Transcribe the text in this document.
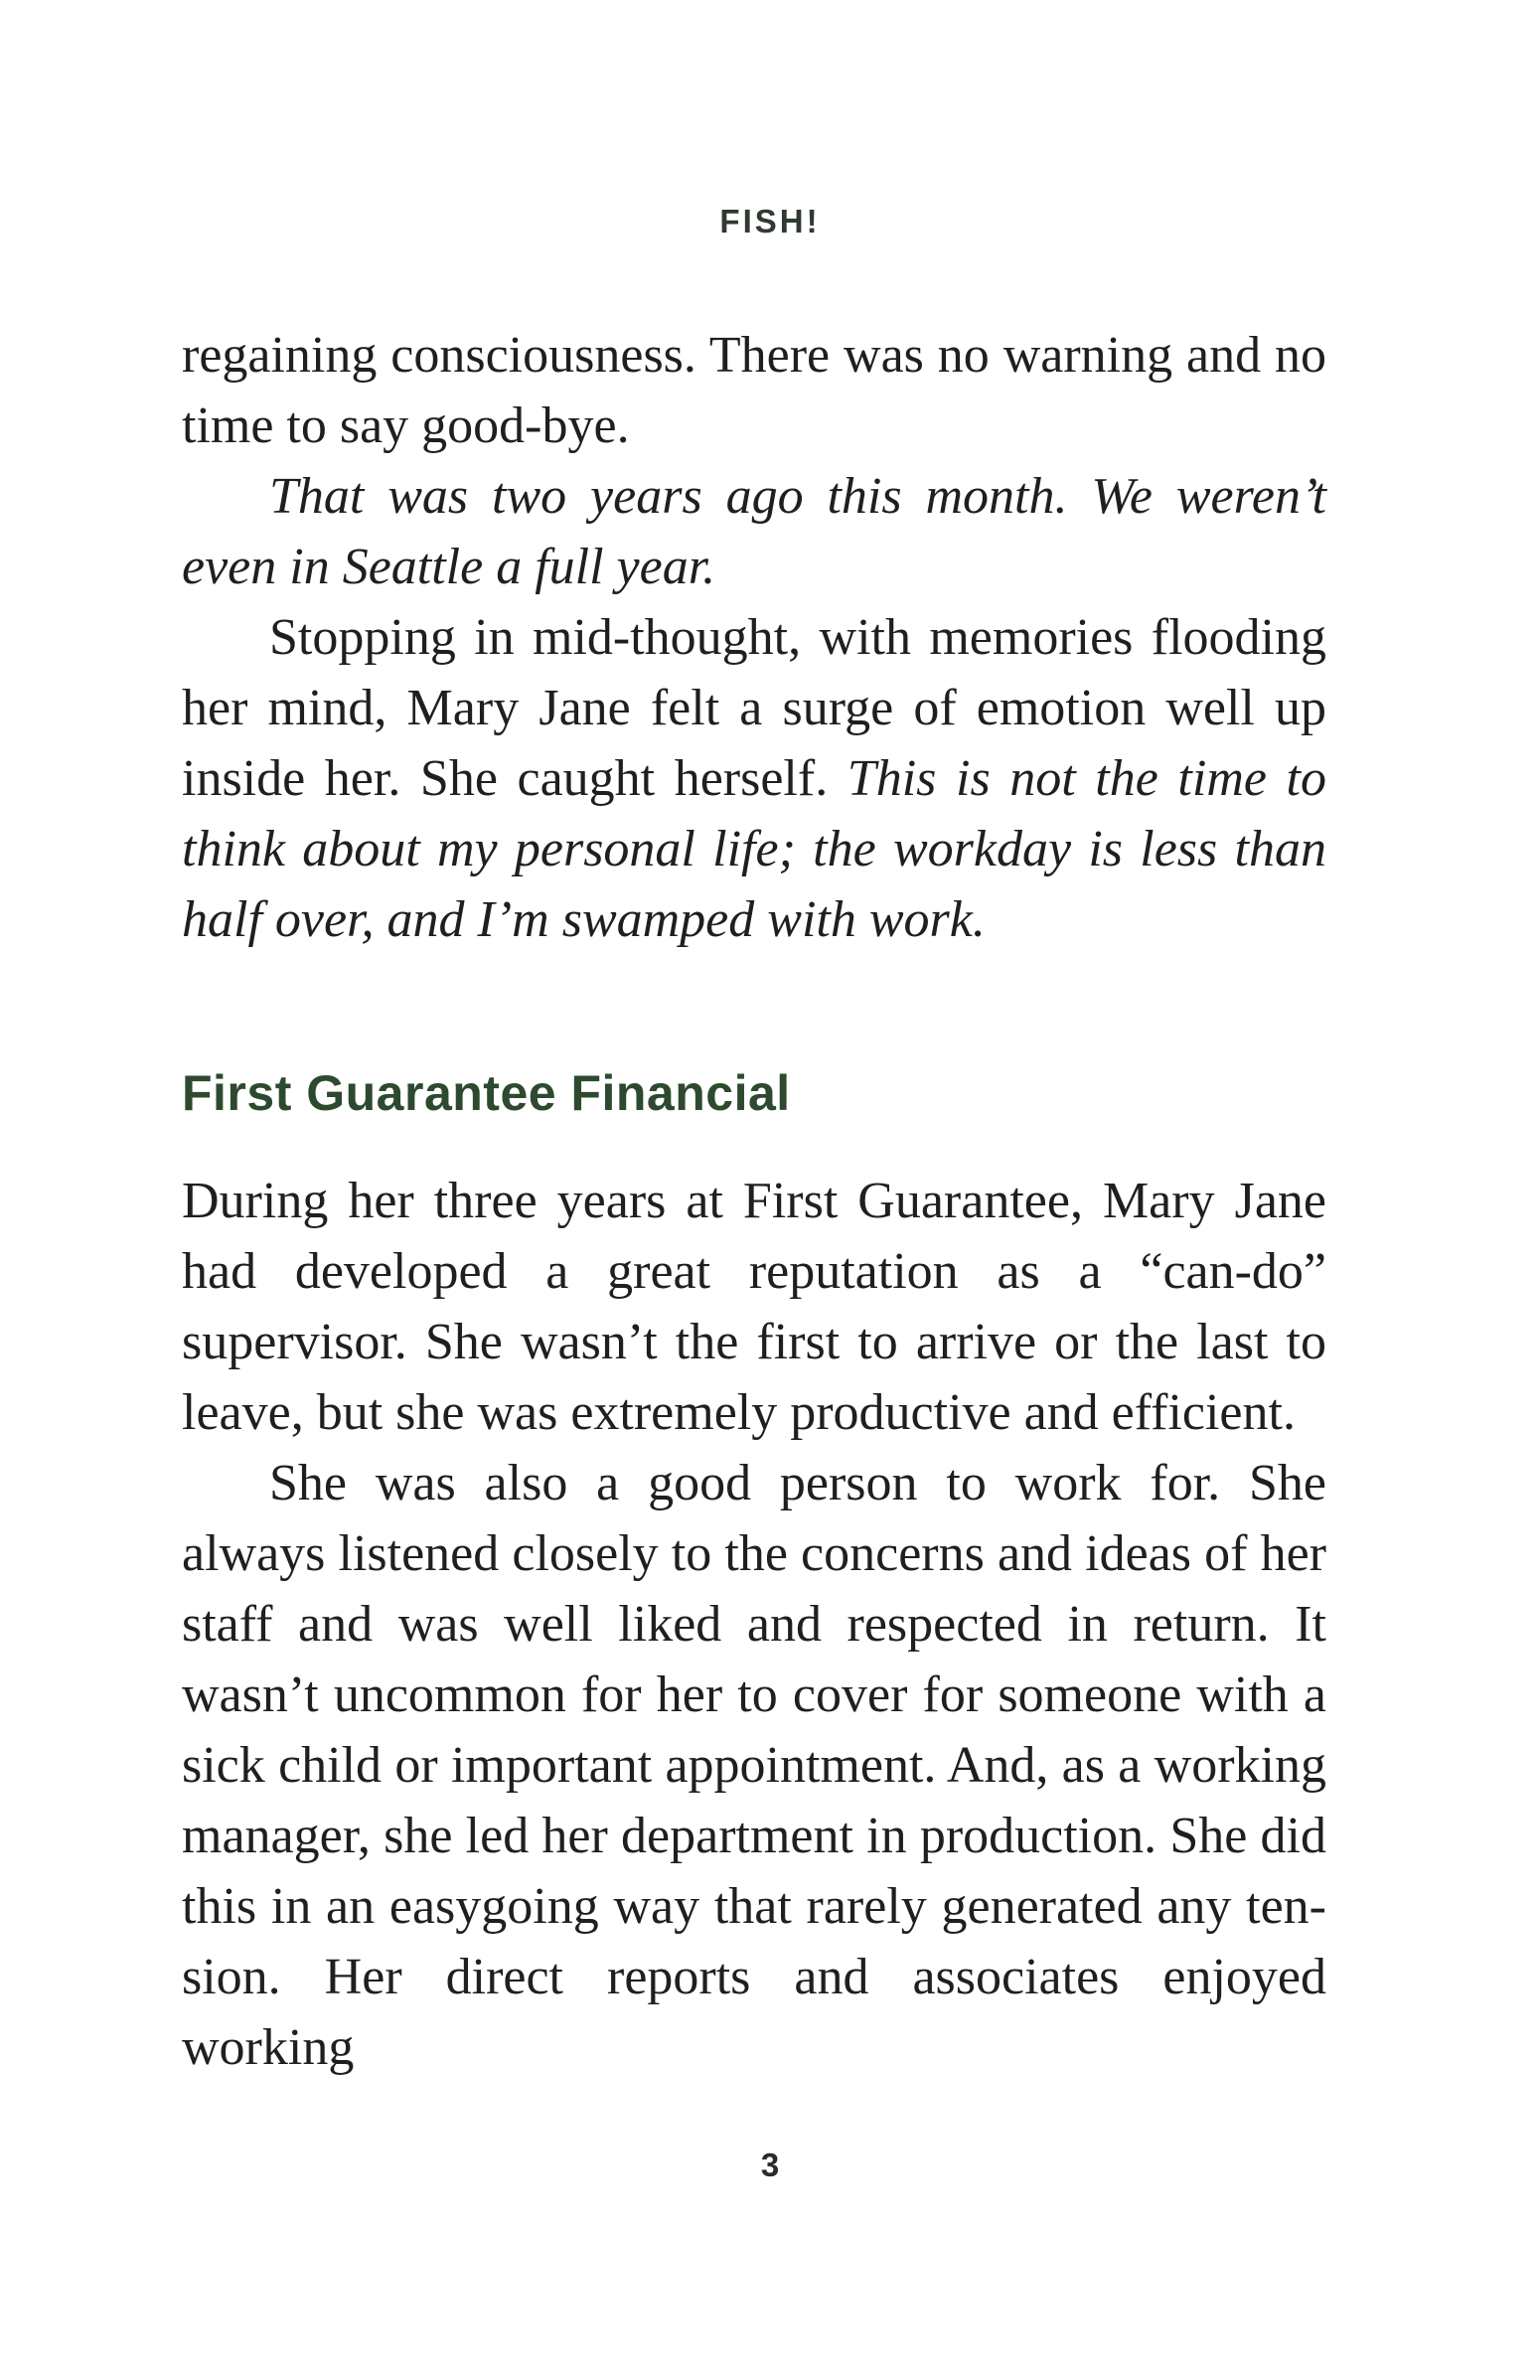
FISH!

regaining consciousness. There was no warning and no time to say good-bye.

That was two years ago this month. We weren’t even in Seattle a full year.

Stopping in mid-thought, with memories flooding her mind, Mary Jane felt a surge of emotion well up inside her. She caught herself. This is not the time to think about my personal life; the workday is less than half over, and I’m swamped with work.

First Guarantee Financial

During her three years at First Guarantee, Mary Jane had developed a great reputation as a “can-do” supervisor. She wasn’t the first to arrive or the last to leave, but she was extremely productive and efficient.

She was also a good person to work for. She always listened closely to the concerns and ideas of her staff and was well liked and respected in return. It wasn’t uncommon for her to cover for someone with a sick child or important appointment. And, as a working manager, she led her department in production. She did this in an easygoing way that rarely generated any tension. Her direct reports and associates enjoyed working

3
